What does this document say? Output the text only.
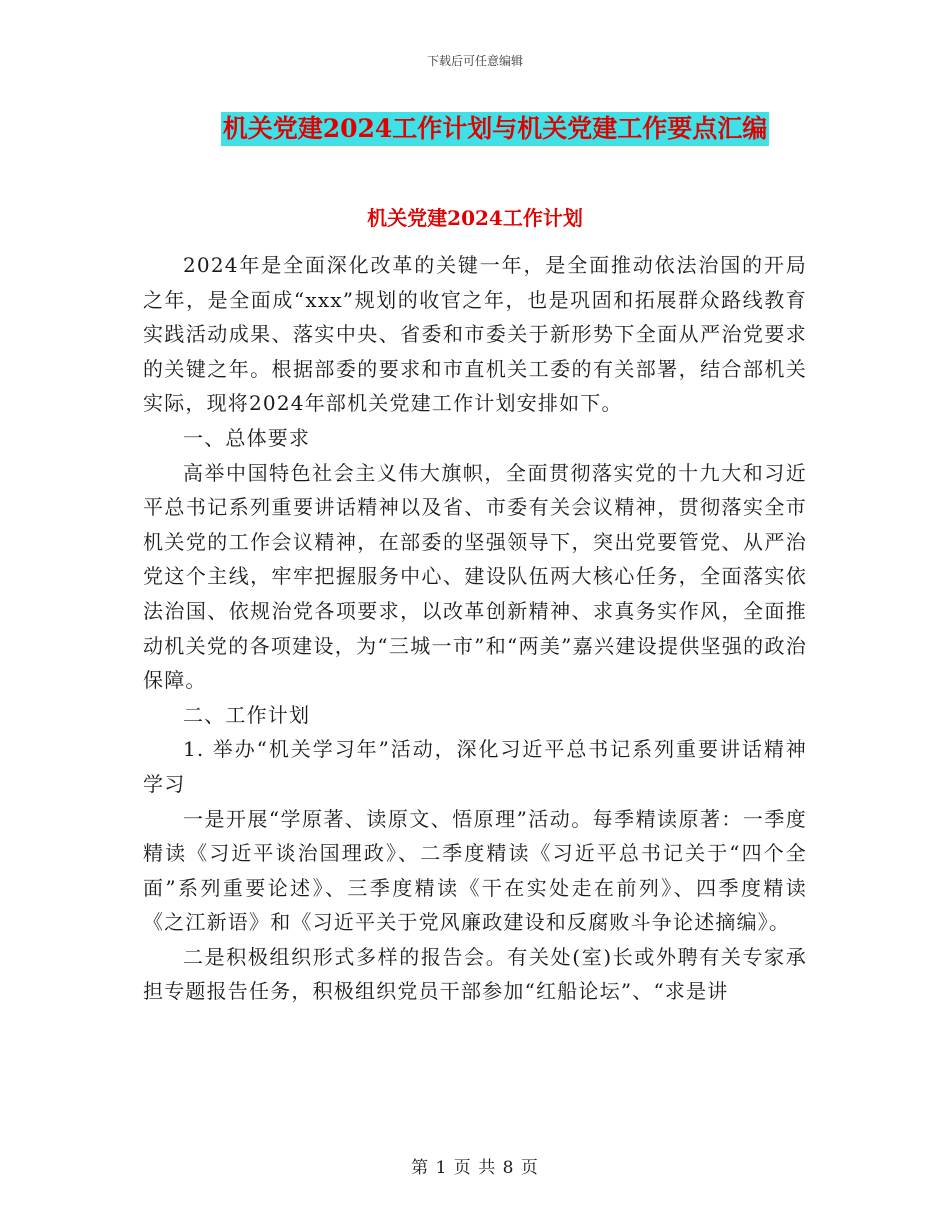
下载后可任意编辑
机关党建2024工作计划与机关党建工作要点汇编
机关党建2024工作计划

2024年是全面深化改革的关键一年，是全面推动依法治国的开局之年，是全面成“xxx”规划的收官之年，也是巩固和拓展群众路线教育实践活动成果、落实中央、省委和市委关于新形势下全面从严治党要求的关键之年。根据部委的要求和市直机关工委的有关部署，结合部机关实际，现将2024年部机关党建工作计划安排如下。

一、总体要求

高举中国特色社会主义伟大旗帜，全面贯彻落实党的十九大和习近平总书记系列重要讲话精神以及省、市委有关会议精神，贯彻落实全市机关党的工作会议精神，在部委的坚强领导下，突出党要管党、从严治党这个主线，牢牢把握服务中心、建设队伍两大核心任务，全面落实依法治国、依规治党各项要求，以改革创新精神、求真务实作风，全面推动机关党的各项建设，为“三城一市”和“两美”嘉兴建设提供坚强的政治保障。

二、工作计划

1. 举办“机关学习年”活动，深化习近平总书记系列重要讲话精神学习

一是开展“学原著、读原文、悟原理”活动。每季精读原著：一季度精读《习近平谈治国理政》、二季度精读《习近平总书记关于“四个全面”系列重要论述》、三季度精读《干在实处走在前列》、四季度精读《之江新语》和《习近平关于党风廉政建设和反腐败斗争论述摘编》。

二是积极组织形式多样的报告会。有关处(室)长或外聘有关专家承担专题报告任务，积极组织党员干部参加“红船论坛”、“求是讲

第 1 页 共 8 页
